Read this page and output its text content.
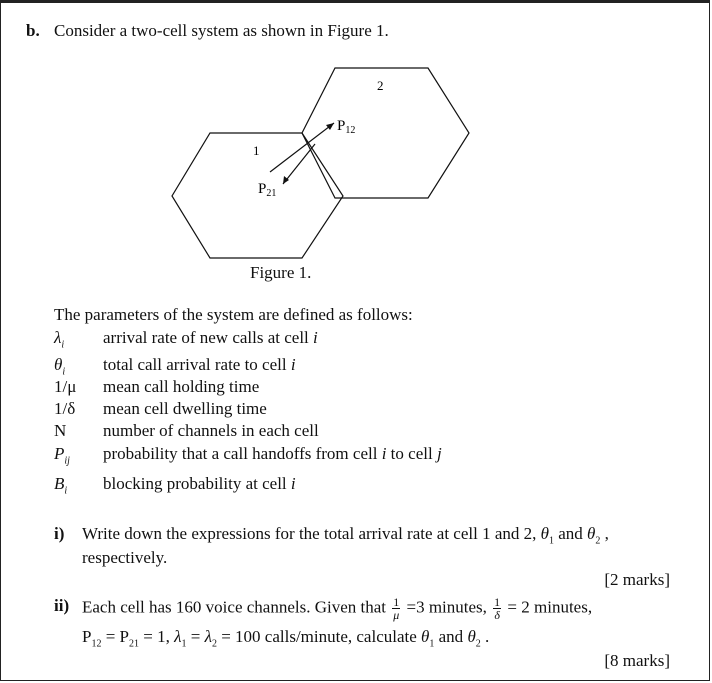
b. Consider a two-cell system as shown in Figure 1.
2
1
$P_{12}$
$P_{21}$
Figure 1.
The parameters of the system are defined as follows:
$\lambda_i$ arrival rate of new calls at cell i
$\theta_i$ total call arrival rate to cell i
1/μ mean call holding time
1/δ mean cell dwelling time
N number of channels in each cell
$P_{ij}$ probability that a call handoffs from cell i to cell j
$B_i$ blocking probability at cell i
i) Write down the expressions for the total arrival rate at cell 1 and 2, $\theta_1$ and $\theta_2$ ,
respectively.
[2 marks]
ii) Each cell has 160 voice channels. Given that $\frac{1}{\mu} =3$ minutes, $\frac{1}{\delta} = 2$ minutes,
$P_{12} = P_{21} = 1$, $\lambda_1 = \lambda_2 = 100$ calls/minute, calculate $\theta_1$ and $\theta_2$ .
[8 marks]
